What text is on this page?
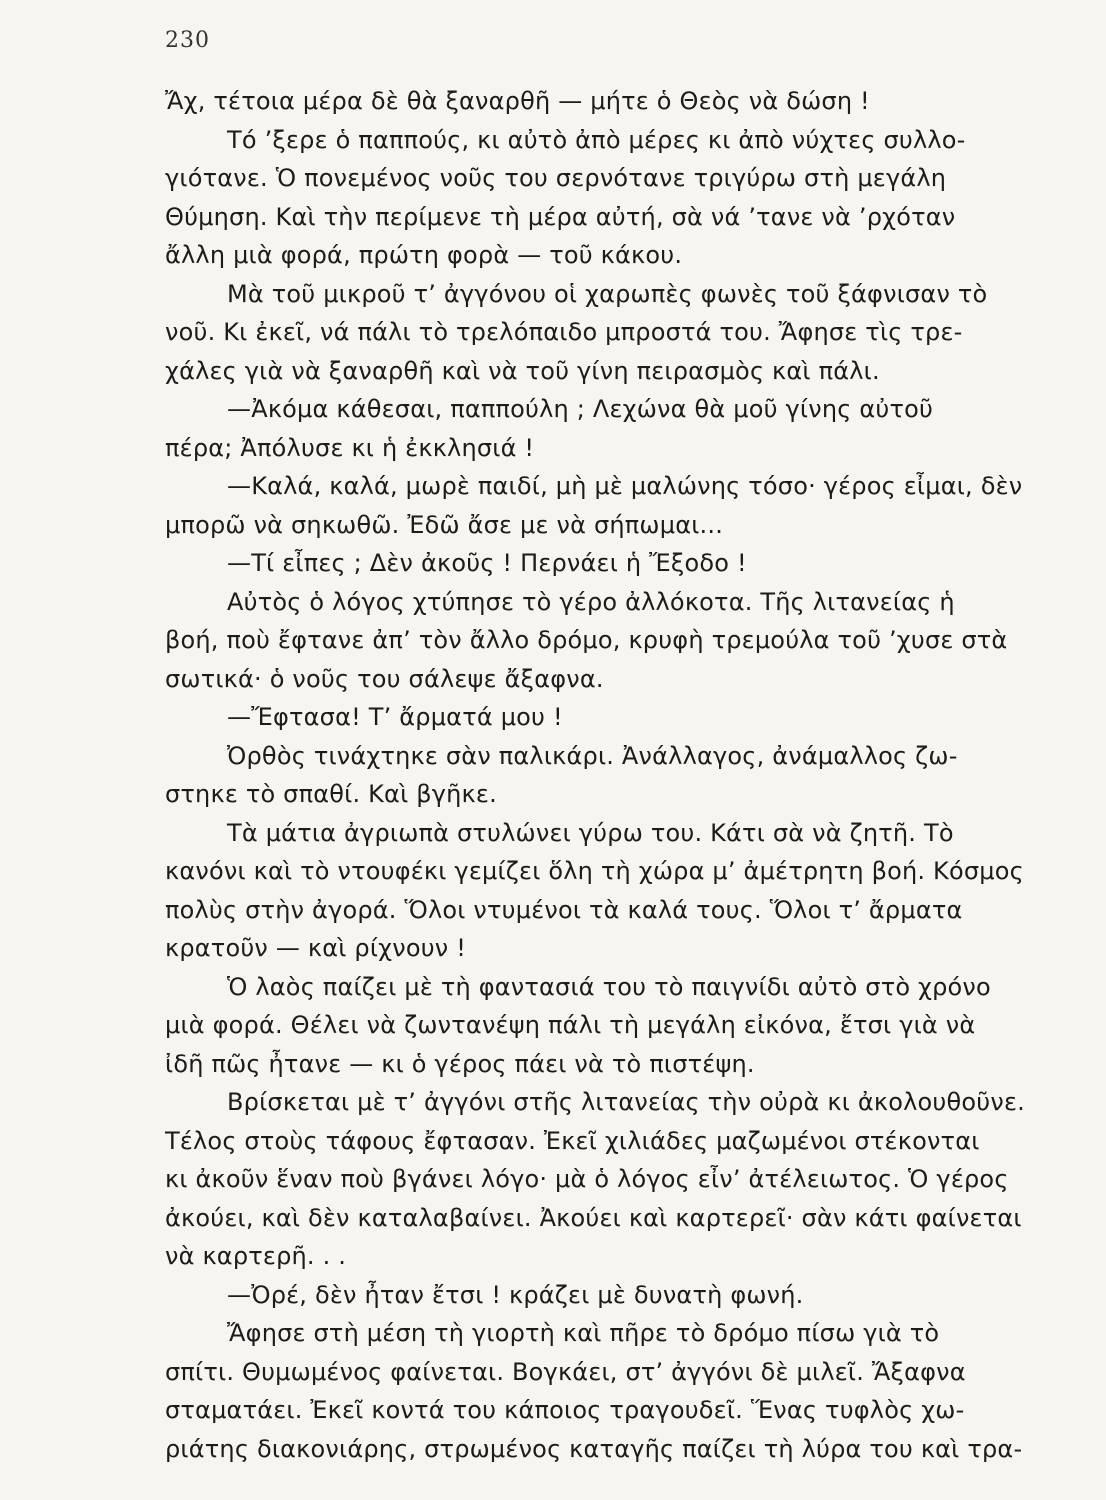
230
Ἄχ, τέτοια μέρα δὲ θὰ ξαναρθῆ — μήτε ὁ Θεὸς νὰ δώση !
Τό ’ξερε ὁ παππούς, κι αὐτὸ ἀπὸ μέρες κι ἀπὸ νύχτες συλλο-
γιότανε. Ὁ πονεμένος νοῦς του σερνότανε τριγύρω στὴ μεγάλη
Θύμηση. Καὶ τὴν περίμενε τὴ μέρα αὐτή, σὰ νά ’τανε νὰ ’ρχόταν
ἄλλη μιὰ φορά, πρώτη φορὰ — τοῦ κάκου.
Μὰ τοῦ μικροῦ τ’ ἀγγόνου οἱ χαρωπὲς φωνὲς τοῦ ξάφνισαν τὸ
νοῦ. Κι ἐκεῖ, νά πάλι τὸ τρελόπαιδο μπροστά του. Ἄφησε τὶς τρε-
χάλες γιὰ νὰ ξαναρθῆ καὶ νὰ τοῦ γίνη πειρασμὸς καὶ πάλι.
—Ἀκόμα κάθεσαι, παππούλη ; Λεχώνα θὰ μοῦ γίνης αὐτοῦ
πέρα; Ἀπόλυσε κι ἡ ἐκκλησιά !
—Καλά, καλά, μωρὲ παιδί, μὴ μὲ μαλώνης τόσο· γέρος εἶμαι, δὲν
μπορῶ νὰ σηκωθῶ. Ἐδῶ ἄσε με νὰ σήπωμαι...
—Τί εἶπες ; Δὲν ἀκοῦς ! Περνάει ἡ Ἔξοδο !
Αὐτὸς ὁ λόγος χτύπησε τὸ γέρο ἀλλόκοτα. Τῆς λιτανείας ἡ
βοή, ποὺ ἔφτανε ἀπ’ τὸν ἄλλο δρόμο, κρυφὴ τρεμούλα τοῦ ’χυσε στὰ
σωτικά· ὁ νοῦς του σάλεψε ἄξαφνα.
—Ἔφτασα! Τ’ ἄρματά μου !
Ὀρθὸς τινάχτηκε σὰν παλικάρι. Ἀνάλλαγος, ἀνάμαλλος ζω-
στηκε τὸ σπαθί. Καὶ βγῆκε.
Τὰ μάτια ἀγριωπὰ στυλώνει γύρω του. Κάτι σὰ νὰ ζητῆ. Τὸ
κανόνι καὶ τὸ ντουφέκι γεμίζει ὅλη τὴ χώρα μ’ ἀμέτρητη βοή. Κόσμος
πολὺς στὴν ἀγορά. Ὅλοι ντυμένοι τὰ καλά τους. Ὅλοι τ’ ἄρματα
κρατοῦν — καὶ ρίχνουν !
Ὁ λαὸς παίζει μὲ τὴ φαντασιά του τὸ παιγνίδι αὐτὸ στὸ χρόνο
μιὰ φορά. Θέλει νὰ ζωντανέψη πάλι τὴ μεγάλη εἰκόνα, ἔτσι γιὰ νὰ
ἰδῆ πῶς ἦτανε — κι ὁ γέρος πάει νὰ τὸ πιστέψη.
Βρίσκεται μὲ τ’ ἀγγόνι στῆς λιτανείας τὴν οὐρὰ κι ἀκολουθοῦνε.
Τέλος στοὺς τάφους ἔφτασαν. Ἐκεῖ χιλιάδες μαζωμένοι στέκονται
κι ἀκοῦν ἕναν ποὺ βγάνει λόγο· μὰ ὁ λόγος εἶν’ ἀτέλειωτος. Ὁ γέρος
ἀκούει, καὶ δὲν καταλαβαίνει. Ἀκούει καὶ καρτερεῖ· σὰν κάτι φαίνεται
νὰ καρτερῆ. . .
—Ὀρέ, δὲν ἦταν ἔτσι ! κράζει μὲ δυνατὴ φωνή.
Ἄφησε στὴ μέση τὴ γιορτὴ καὶ πῆρε τὸ δρόμο πίσω γιὰ τὸ
σπίτι. Θυμωμένος φαίνεται. Βογκάει, στ’ ἀγγόνι δὲ μιλεῖ. Ἄξαφνα
σταματάει. Ἐκεῖ κοντά του κάποιος τραγουδεῖ. Ἕνας τυφλὸς χω-
ριάτης διακονιάρης, στρωμένος καταγῆς παίζει τὴ λύρα του καὶ τρα-
